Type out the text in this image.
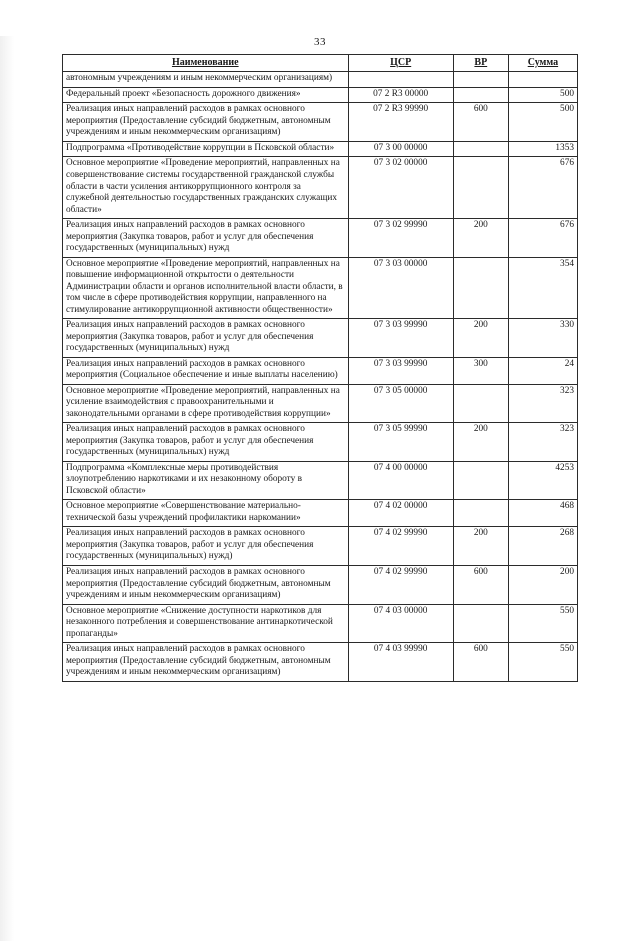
33
Наименование	ЦСР	ВР	Сумма
автономным учреждениям и иным некоммерческим организациям)			
Федеральный проект «Безопасность дорожного движения»	07 2 R3 00000		500
Реализация иных направлений расходов в рамках основного мероприятия (Предоставление субсидий бюджетным, автономным учреждениям и иным некоммерческим организациям)	07 2 R3 99990	600	500
Подпрограмма «Противодействие коррупции в Псковской области»	07 3 00 00000		1353
Основное мероприятие «Проведение мероприятий, направленных на совершенствование системы государственной гражданской службы области в части усиления антикоррупционного контроля за служебной деятельностью государственных гражданских служащих области»	07 3 02 00000		676
Реализация иных направлений расходов в рамках основного мероприятия (Закупка товаров, работ и услуг для обеспечения государственных (муниципальных) нужд	07 3 02 99990	200	676
Основное мероприятие «Проведение мероприятий, направленных на повышение информационной открытости о деятельности Администрации области и органов исполнительной власти области, в том числе в сфере противодействия коррупции, направленного на стимулирование антикоррупционной активности общественности»	07 3 03 00000		354
Реализация иных направлений расходов в рамках основного мероприятия (Закупка товаров, работ и услуг для обеспечения государственных (муниципальных) нужд	07 3 03 99990	200	330
Реализация иных направлений расходов в рамках основного мероприятия (Социальное обеспечение и иные выплаты населению)	07 3 03 99990	300	24
Основное мероприятие «Проведение мероприятий, направленных на усиление взаимодействия с правоохранительными и законодательными органами в сфере противодействия коррупции»	07 3 05 00000		323
Реализация иных направлений расходов в рамках основного мероприятия (Закупка товаров, работ и услуг для обеспечения государственных (муниципальных) нужд	07 3 05 99990	200	323
Подпрограмма «Комплексные меры противодействия злоупотреблению наркотиками и их незаконному обороту в Псковской области»	07 4 00 00000		4253
Основное мероприятие «Совершенствование материально-технической базы учреждений профилактики наркомании»	07 4 02 00000		468
Реализация иных направлений расходов в рамках основного мероприятия (Закупка товаров, работ и услуг для обеспечения государственных (муниципальных) нужд)	07 4 02 99990	200	268
Реализация иных направлений расходов в рамках основного мероприятия (Предоставление субсидий бюджетным, автономным учреждениям и иным некоммерческим организациям)	07 4 02 99990	600	200
Основное мероприятие «Снижение доступности наркотиков для незаконного потребления и совершенствование антинаркотической пропаганды»	07 4 03 00000		550
Реализация иных направлений расходов в рамках основного мероприятия (Предоставление субсидий бюджетным, автономным учреждениям и иным некоммерческим организациям)	07 4 03 99990	600	550
